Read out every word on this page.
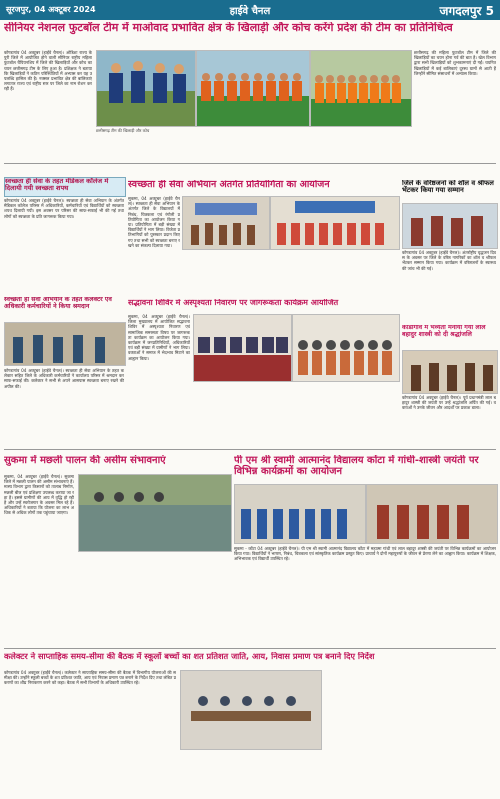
सूरजपुर, 04 अक्टूबर 2024	हाईवे चैनल	जगदलपुर 5
सीनियर नेशनल फुटबॉल टीम में माओवाद प्रभावित क्षेत्र के खिलाड़ी और कोच करेंगे प्रदेश की टीम का प्रतिनिधित्व
कोण्डागांव 04 अक्टूबर (हाईवे चैनल)। ओडिशा राज्य के पुरी जिले में आयोजित होने वाली सीनियर राष्ट्रीय महिला फुटबॉल चैंपियनशिप में जिले की खिलाड़ियों और कोच का चयन छत्तीसगढ़ टीम के लिए हुआ है। प्रशिक्षक ने बताया कि खिलाड़ियों ने कठिन परिस्थितियों में अभ्यास कर यह उपलब्धि हासिल की है। नक्सल प्रभावित क्षेत्र की बालिकाएं लगातार राज्य एवं राष्ट्रीय स्तर पर जिले का नाम रोशन कर रही हैं।
छत्तीसगढ़ की महिला फुटबॉल टीम में जिले की खिलाड़ियों का चयन होना गर्व की बात है। खेल विभाग द्वारा सभी खिलाड़ियों को शुभकामनाएं दी गईं। चयनित खिलाड़ियों में कई बालिकाएं दूरस्थ ग्रामों से आती हैं जिन्होंने सीमित संसाधनों में अभ्यास किया।
छत्तीसगढ़ टीम की खिलाड़ी और कोच
स्वच्छता ही सेवा के तहत मेडिकल कॉलेज में दिलायी गयी स्वच्छता शपथ
कोण्डागांव 04 अक्टूबर (हाईवे चैनल)। स्वच्छता ही सेवा अभियान के अंतर्गत मेडिकल कॉलेज परिसर में अधिकारियों, कर्मचारियों एवं विद्यार्थियों को स्वच्छता शपथ दिलायी गयी। इस अवसर पर परिसर की साफ-सफाई भी की गई तथा लोगों को स्वच्छता के प्रति जागरूक किया गया।
स्वच्छता ही सेवा अभियान अंतर्गत प्रतियोगिता का आयोजन
सुकमा, 04 अक्टूबर (हाईवे चैनल)। स्वच्छता ही सेवा अभियान के अंतर्गत जिले के विद्यालयों में निबंध, चित्रकला एवं रंगोली प्रतियोगिता का आयोजन किया गया। प्रतियोगिता में बड़ी संख्या में विद्यार्थियों ने भाग लिया। विजेता प्रतिभागियों को पुरस्कार प्रदान किए गए तथा सभी को स्वच्छता बनाए रखने का संकल्प दिलाया गया।
जिले के वरिष्ठजनों को शॉल व श्रीफल भेंटकर किया गया सम्मान
कोण्डागांव 04 अक्टूबर (हाईवे चैनल)। अंतर्राष्ट्रीय वृद्धजन दिवस के अवसर पर जिले के वरिष्ठ नागरिकों का शॉल व श्रीफल भेंटकर सम्मान किया गया। कार्यक्रम में वरिष्ठजनों के स्वास्थ्य की जांच भी की गई।
स्वच्छता ही सेवा अभियान के तहत कलेक्टर एवं अधिकारी कर्मचारियों ने किया श्रमदान
कोण्डागांव 04 अक्टूबर (हाईवे चैनल)। स्वच्छता ही सेवा अभियान के तहत कलेक्टर सहित जिले के अधिकारी कर्मचारियों ने कार्यालय परिसर में श्रमदान कर साफ-सफाई की। कलेक्टर ने सभी से अपने आसपास स्वच्छता बनाए रखने की अपील की।
सद्भावना शिविर में अस्पृश्यता निवारण पर जागरूकता कार्यक्रम आयोजित
सुकमा, 04 अक्टूबर (हाईवे चैनल)। जिला मुख्यालय में आयोजित सद्भावना शिविर में अस्पृश्यता निवारण एवं सामाजिक समरसता विषय पर जागरूकता कार्यक्रम का आयोजन किया गया। कार्यक्रम में जनप्रतिनिधियों, अधिकारियों एवं बड़ी संख्या में ग्रामीणों ने भाग लिया। वक्ताओं ने समाज में भेदभाव मिटाने का आह्वान किया।
कोंडागांव में भव्यता मनायी गया लाल बहादुर शास्त्री को दी श्रद्धांजलि
कोण्डागांव 04 अक्टूबर (हाईवे चैनल)। पूर्व प्रधानमंत्री लाल बहादुर शास्त्री की जयंती पर उन्हें श्रद्धांजलि अर्पित की गई। वक्ताओं ने उनके जीवन और आदर्शों पर प्रकाश डाला।
सुकमा में मछली पालन की असीम संभावनाएं
सुकमा, 04 अक्टूबर (हाईवे चैनल)। सुकमा जिले में मछली पालन की असीम संभावनाएं हैं। मत्स्य विभाग द्वारा किसानों को तालाब निर्माण, मछली बीज एवं प्रशिक्षण उपलब्ध कराया जा रहा है। इससे ग्रामीणों की आय में वृद्धि हो रही है और उन्हें स्वरोजगार के अवसर मिल रहे हैं। अधिकारियों ने बताया कि योजना का लाभ अधिक से अधिक लोगों तक पहुंचाया जाएगा।
पी एम श्री स्वामी आत्मानंद विद्यालय कोंटा में गांधी-शास्त्री जयंती पर विभिन्न कार्यक्रमों का आयोजन
सुकमा - कोंटा 04 अक्टूबर (हाईवे चैनल)। पी एम श्री स्वामी आत्मानंद विद्यालय कोंटा में महात्मा गांधी एवं लाल बहादुर शास्त्री की जयंती पर विभिन्न कार्यक्रमों का आयोजन किया गया। विद्यार्थियों ने भाषण, निबंध, चित्रकला एवं सांस्कृतिक कार्यक्रम प्रस्तुत किए। प्राचार्य ने दोनों महापुरुषों के जीवन से प्रेरणा लेने का आह्वान किया। कार्यक्रम में शिक्षक, अभिभावक एवं विद्यार्थी उपस्थित रहे।
कलेक्टर ने साप्ताहिक समय-सीमा की बैठक में स्कूलों बच्चों का शत प्रतिशत जाति, आय, निवास प्रमाण पत्र बनाने दिए निर्देश
कोण्डागांव 04 अक्टूबर (हाईवे चैनल)। कलेक्टर ने साप्ताहिक समय-सीमा की बैठक में विभागीय योजनाओं की समीक्षा की। उन्होंने स्कूली बच्चों के शत प्रतिशत जाति, आय एवं निवास प्रमाण पत्र बनाने के निर्देश दिए तथा लंबित प्रकरणों का शीघ्र निराकरण करने को कहा। बैठक में सभी विभागों के अधिकारी उपस्थित रहे।
